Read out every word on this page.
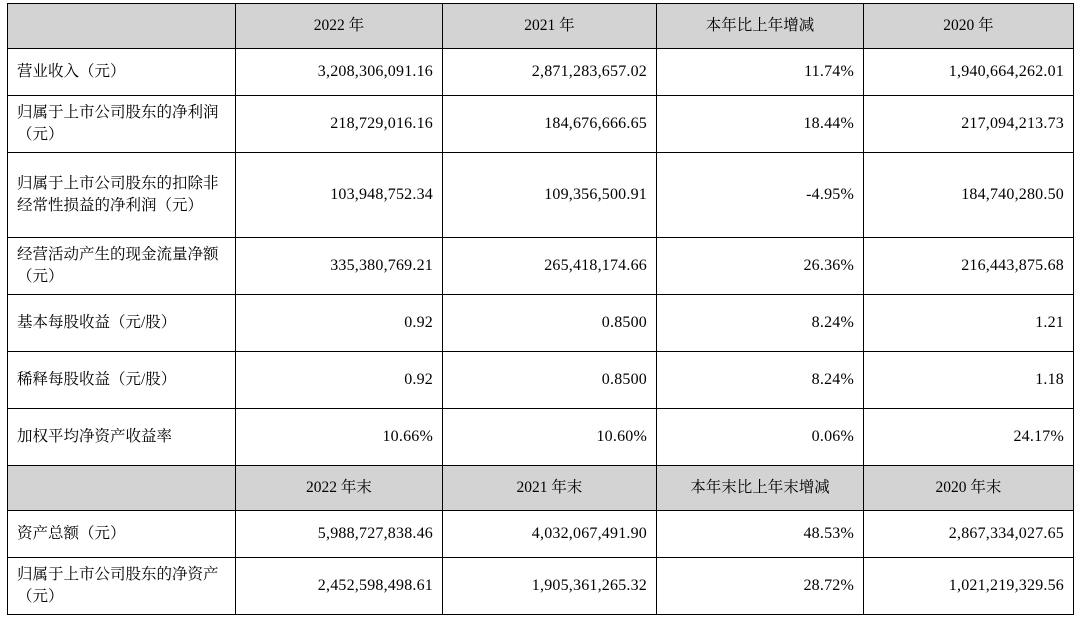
	2022 年	2021 年	本年比上年增减	2020 年
营业收入（元）	3,208,306,091.16	2,871,283,657.02	11.74%	1,940,664,262.01
归属于上市公司股东的净利润（元）	218,729,016.16	184,676,666.65	18.44%	217,094,213.73
归属于上市公司股东的扣除非经常性损益的净利润（元）	103,948,752.34	109,356,500.91	-4.95%	184,740,280.50
经营活动产生的现金流量净额（元）	335,380,769.21	265,418,174.66	26.36%	216,443,875.68
基本每股收益（元/股）	0.92	0.8500	8.24%	1.21
稀释每股收益（元/股）	0.92	0.8500	8.24%	1.18
加权平均净资产收益率	10.66%	10.60%	0.06%	24.17%
	2022 年末	2021 年末	本年末比上年末增减	2020 年末
资产总额（元）	5,988,727,838.46	4,032,067,491.90	48.53%	2,867,334,027.65
归属于上市公司股东的净资产（元）	2,452,598,498.61	1,905,361,265.32	28.72%	1,021,219,329.56
